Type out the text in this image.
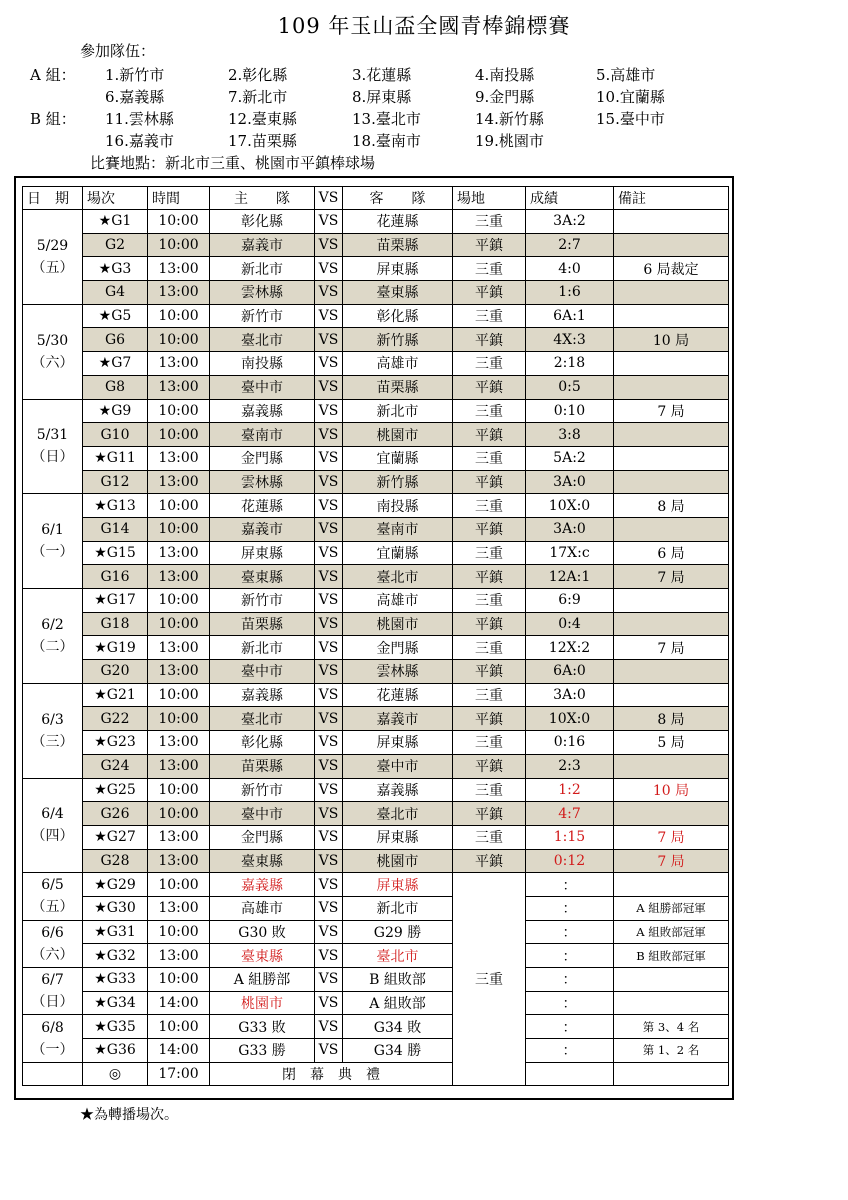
109 年玉山盃全國青棒錦標賽
參加隊伍：
A 組：
B 組：
1.新竹市	2.彰化縣	3.花蓮縣	4.南投縣	5.高雄市
6.嘉義縣	7.新北市	8.屏東縣	9.金門縣	10.宜蘭縣
11.雲林縣	12.臺東縣	13.臺北市	14.新竹縣	15.臺中市
16.嘉義市	17.苗栗縣	18.臺南市	19.桃園市
比賽地點：新北市三重、桃園市平鎮棒球場
日　期	場次	時間	主　　隊	VS	客　　隊	場地	成績	備註

5/29
（五）	★G1	10:00	彰化縣	VS	花蓮縣	三重	3A:2	
	G2	10:00	嘉義市	VS	苗栗縣	平鎮	2:7	
	★G3	13:00	新北市	VS	屏東縣	三重	4:0	6 局裁定
	G4	13:00	雲林縣	VS	臺東縣	平鎮	1:6	

5/30
（六）	★G5	10:00	新竹市	VS	彰化縣	三重	6A:1	
	G6	10:00	臺北市	VS	新竹縣	平鎮	4X:3	10 局
	★G7	13:00	南投縣	VS	高雄市	三重	2:18	
	G8	13:00	臺中市	VS	苗栗縣	平鎮	0:5	

5/31
（日）	★G9	10:00	嘉義縣	VS	新北市	三重	0:10	7 局
	G10	10:00	臺南市	VS	桃園市	平鎮	3:8	
	★G11	13:00	金門縣	VS	宜蘭縣	三重	5A:2	
	G12	13:00	雲林縣	VS	新竹縣	平鎮	3A:0	

6/1
（一）	★G13	10:00	花蓮縣	VS	南投縣	三重	10X:0	8 局
	G14	10:00	嘉義市	VS	臺南市	平鎮	3A:0	
	★G15	13:00	屏東縣	VS	宜蘭縣	三重	17X:c	6 局
	G16	13:00	臺東縣	VS	臺北市	平鎮	12A:1	7 局

6/2
（二）	★G17	10:00	新竹市	VS	高雄市	三重	6:9	
	G18	10:00	苗栗縣	VS	桃園市	平鎮	0:4	
	★G19	13:00	新北市	VS	金門縣	三重	12X:2	7 局
	G20	13:00	臺中市	VS	雲林縣	平鎮	6A:0	

6/3
（三）	★G21	10:00	嘉義縣	VS	花蓮縣	三重	3A:0	
	G22	10:00	臺北市	VS	嘉義市	平鎮	10X:0	8 局
	★G23	13:00	彰化縣	VS	屏東縣	三重	0:16	5 局
	G24	13:00	苗栗縣	VS	臺中市	平鎮	2:3	

6/4
（四）	★G25	10:00	新竹市	VS	嘉義縣	三重	1:2	10 局
	G26	10:00	臺中市	VS	臺北市	平鎮	4:7	
	★G27	13:00	金門縣	VS	屏東縣	三重	1:15	7 局
	G28	13:00	臺東縣	VS	桃園市	平鎮	0:12	7 局

6/5
（五）	★G29	10:00	嘉義縣	VS	屏東縣	三重	：	
	★G30	13:00	高雄市	VS	新北市		：	A 組勝部冠軍

6/6
（六）	★G31	10:00	G30 敗	VS	G29 勝		：	A 組敗部冠軍
	★G32	13:00	臺東縣	VS	臺北市		：	B 組敗部冠軍

6/7
（日）	★G33	10:00	A 組勝部	VS	B 組敗部		：	
	★G34	14:00	桃園市	VS	A 組敗部		：	

6/8
（一）	★G35	10:00	G33 敗	VS	G34 敗		：	第 3、4 名
	★G36	14:00	G33 勝	VS	G34 勝		：	第 1、2 名
	◎	17:00	閉　幕　典　禮					
★為轉播場次。
